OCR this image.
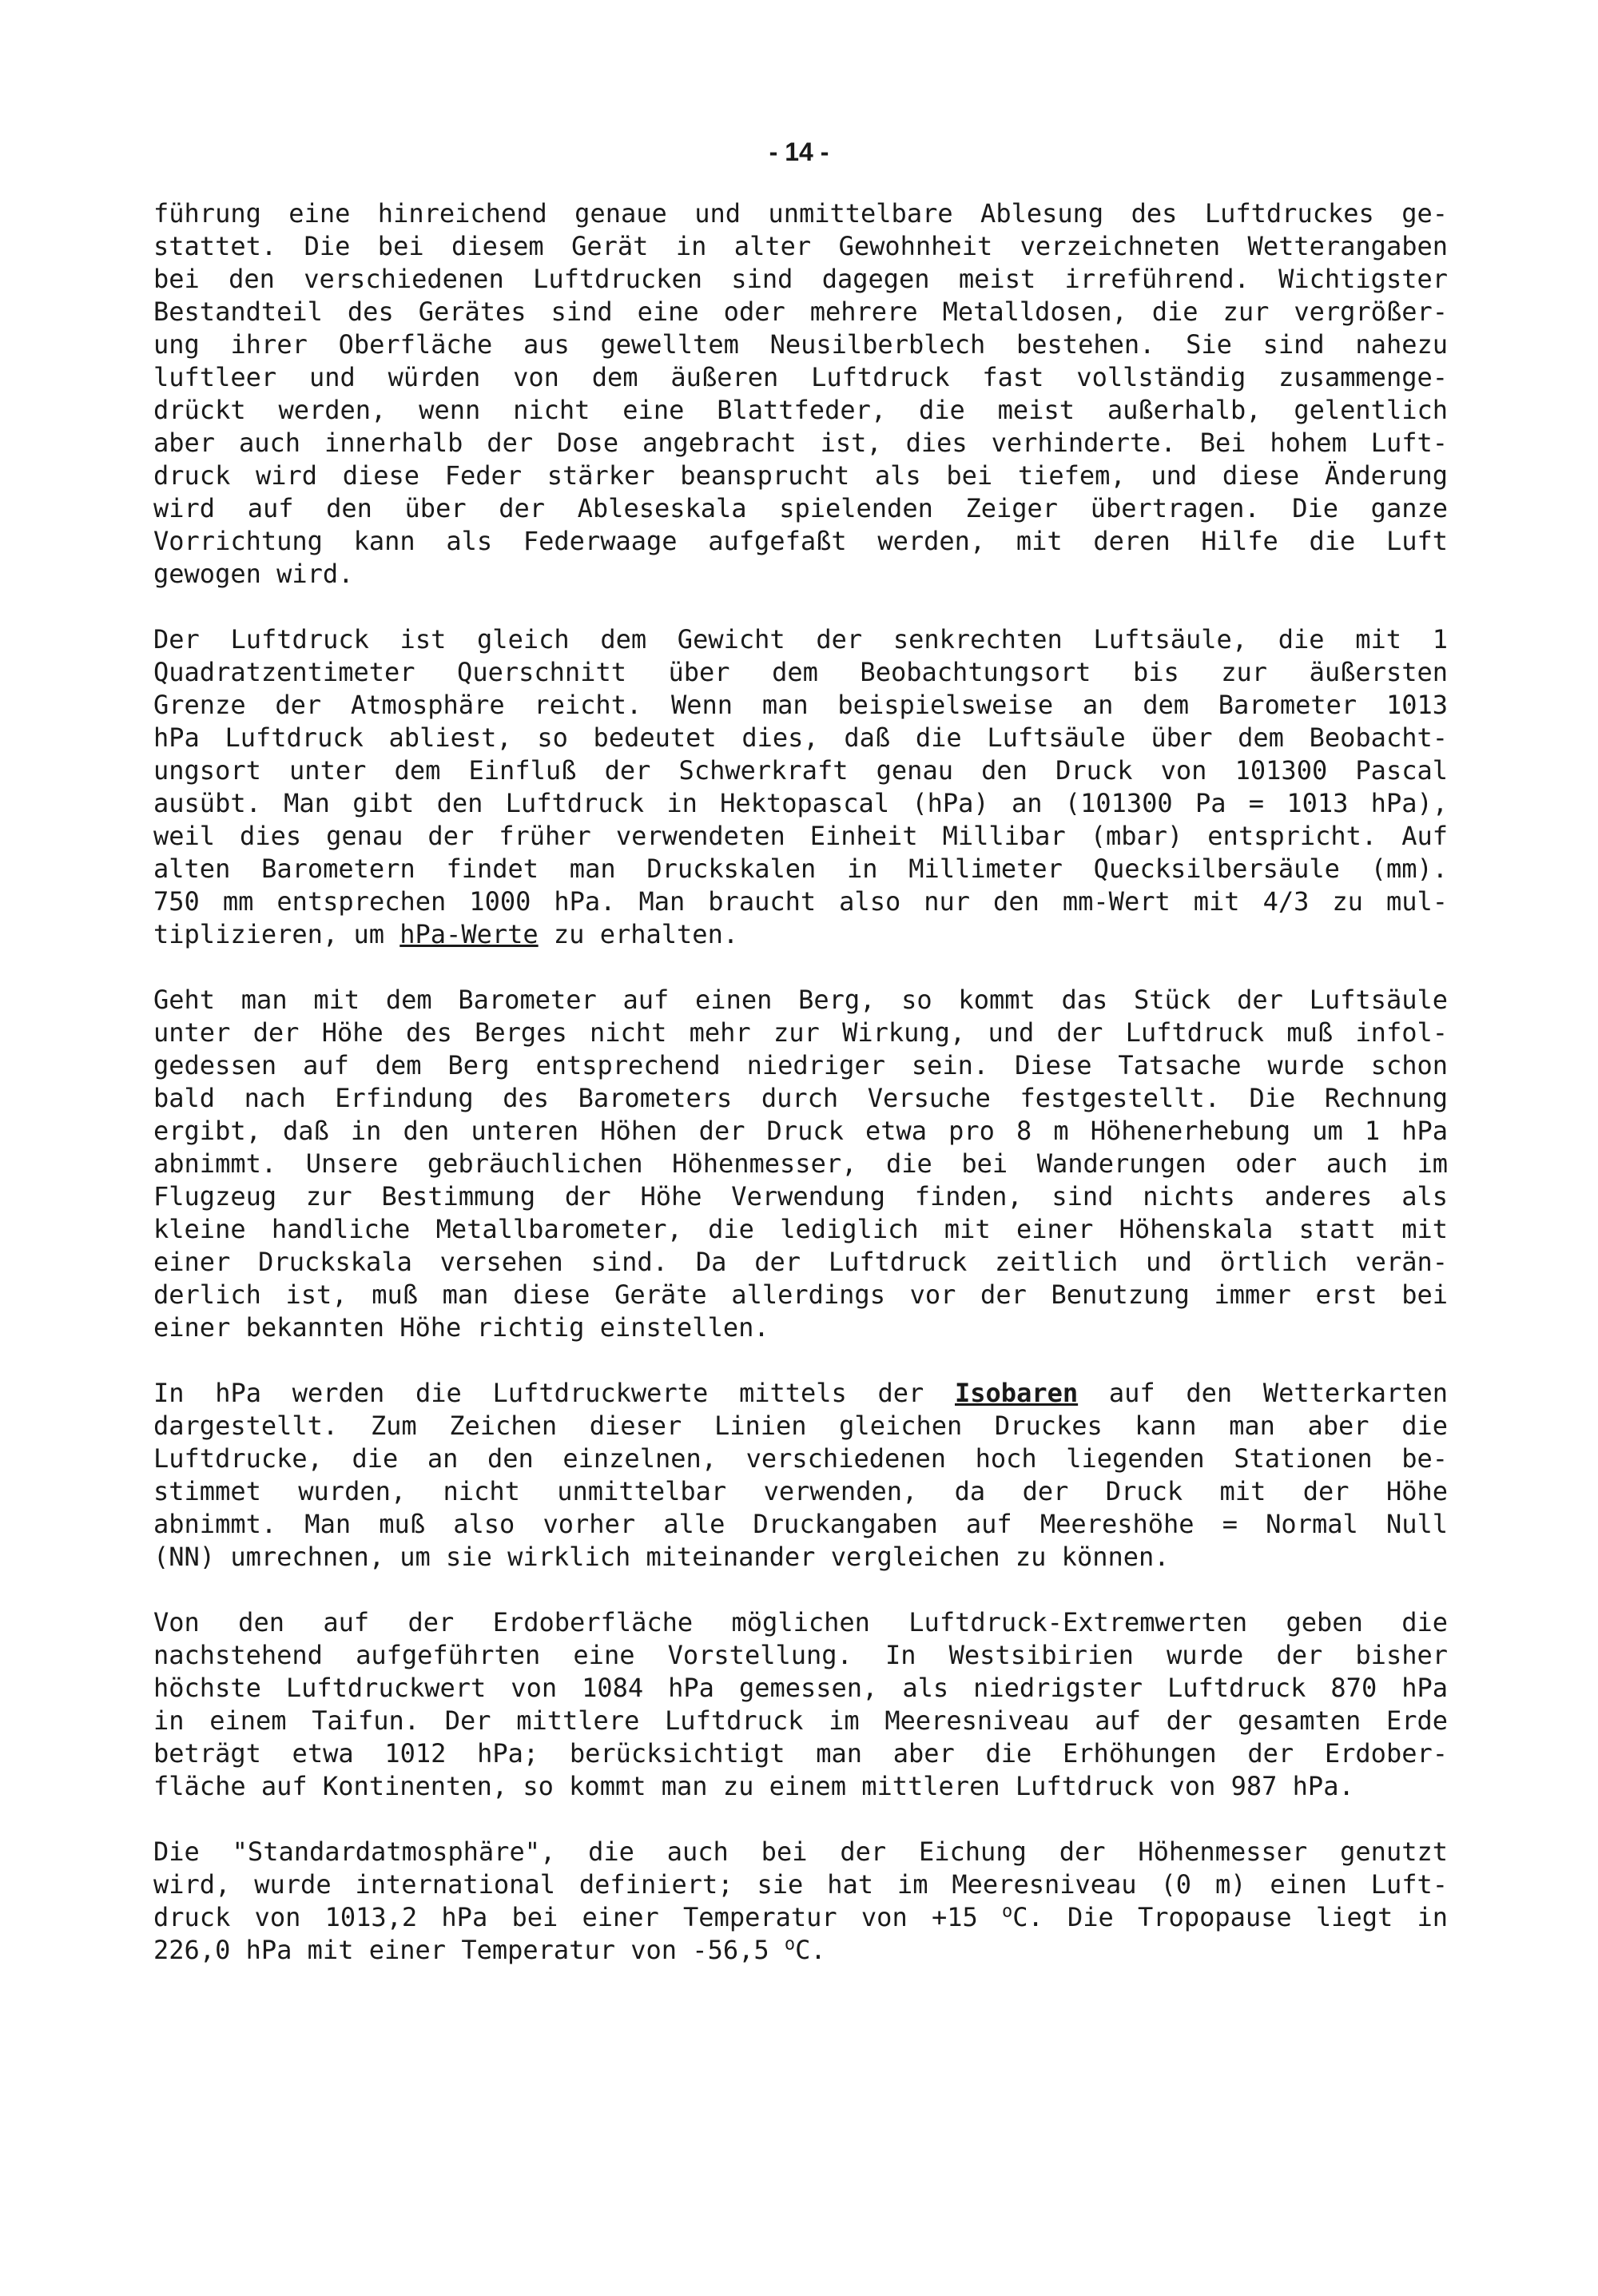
- 14 -
führung eine hinreichend genaue und unmittelbare Ablesung des Luftdruckes ge-
stattet. Die bei diesem Gerät in alter Gewohnheit verzeichneten Wetterangaben
bei den verschiedenen Luftdrucken sind dagegen meist irreführend. Wichtigster
Bestandteil des Gerätes sind eine oder mehrere Metalldosen, die zur vergrößer-
ung ihrer Oberfläche aus gewelltem Neusilberblech bestehen. Sie sind nahezu
luftleer und würden von dem äußeren Luftdruck fast vollständig zusammenge-
drückt werden, wenn nicht eine Blattfeder, die meist außerhalb, gelentlich
aber auch innerhalb der Dose angebracht ist, dies verhinderte. Bei hohem Luft-
druck wird diese Feder stärker beansprucht als bei tiefem, und diese Änderung
wird auf den über der Ableseskala spielenden Zeiger übertragen. Die ganze
Vorrichtung kann als Federwaage aufgefaßt werden, mit deren Hilfe die Luft
gewogen wird.
Der Luftdruck ist gleich dem Gewicht der senkrechten Luftsäule, die mit 1
Quadratzentimeter Querschnitt über dem Beobachtungsort bis zur äußersten
Grenze der Atmosphäre reicht. Wenn man beispielsweise an dem Barometer 1013
hPa Luftdruck abliest, so bedeutet dies, daß die Luftsäule über dem Beobacht-
ungsort unter dem Einfluß der Schwerkraft genau den Druck von 101300 Pascal
ausübt. Man gibt den Luftdruck in Hektopascal (hPa) an (101300 Pa = 1013 hPa),
weil dies genau der früher verwendeten Einheit Millibar (mbar) entspricht. Auf
alten Barometern findet man Druckskalen in Millimeter Quecksilbersäule (mm).
750 mm entsprechen 1000 hPa. Man braucht also nur den mm-Wert mit 4/3 zu mul-
tiplizieren, um hPa-Werte zu erhalten.
Geht man mit dem Barometer auf einen Berg, so kommt das Stück der Luftsäule
unter der Höhe des Berges nicht mehr zur Wirkung, und der Luftdruck muß infol-
gedessen auf dem Berg entsprechend niedriger sein. Diese Tatsache wurde schon
bald nach Erfindung des Barometers durch Versuche festgestellt. Die Rechnung
ergibt, daß in den unteren Höhen der Druck etwa pro 8 m Höhenerhebung um 1 hPa
abnimmt. Unsere gebräuchlichen Höhenmesser, die bei Wanderungen oder auch im
Flugzeug zur Bestimmung der Höhe Verwendung finden, sind nichts anderes als
kleine handliche Metallbarometer, die lediglich mit einer Höhenskala statt mit
einer Druckskala versehen sind. Da der Luftdruck zeitlich und örtlich verän-
derlich ist, muß man diese Geräte allerdings vor der Benutzung immer erst bei
einer bekannten Höhe richtig einstellen.
In hPa werden die Luftdruckwerte mittels der Isobaren auf den Wetterkarten
dargestellt. Zum Zeichen dieser Linien gleichen Druckes kann man aber die
Luftdrucke, die an den einzelnen, verschiedenen hoch liegenden Stationen be-
stimmet wurden, nicht unmittelbar verwenden, da der Druck mit der Höhe
abnimmt. Man muß also vorher alle Druckangaben auf Meereshöhe = Normal Null
(NN) umrechnen, um sie wirklich miteinander vergleichen zu können.
Von den auf der Erdoberfläche möglichen Luftdruck-Extremwerten geben die
nachstehend aufgeführten eine Vorstellung. In Westsibirien wurde der bisher
höchste Luftdruckwert von 1084 hPa gemessen, als niedrigster Luftdruck 870 hPa
in einem Taifun. Der mittlere Luftdruck im Meeresniveau auf der gesamten Erde
beträgt etwa 1012 hPa; berücksichtigt man aber die Erhöhungen der Erdober-
fläche auf Kontinenten, so kommt man zu einem mittleren Luftdruck von 987 hPa.
Die "Standardatmosphäre", die auch bei der Eichung der Höhenmesser genutzt
wird, wurde international definiert; sie hat im Meeresniveau (0 m) einen Luft-
druck von 1013,2 hPa bei einer Temperatur von +15 $^o$C. Die Tropopause liegt in
226,0 hPa mit einer Temperatur von -56,5 $^o$C.
